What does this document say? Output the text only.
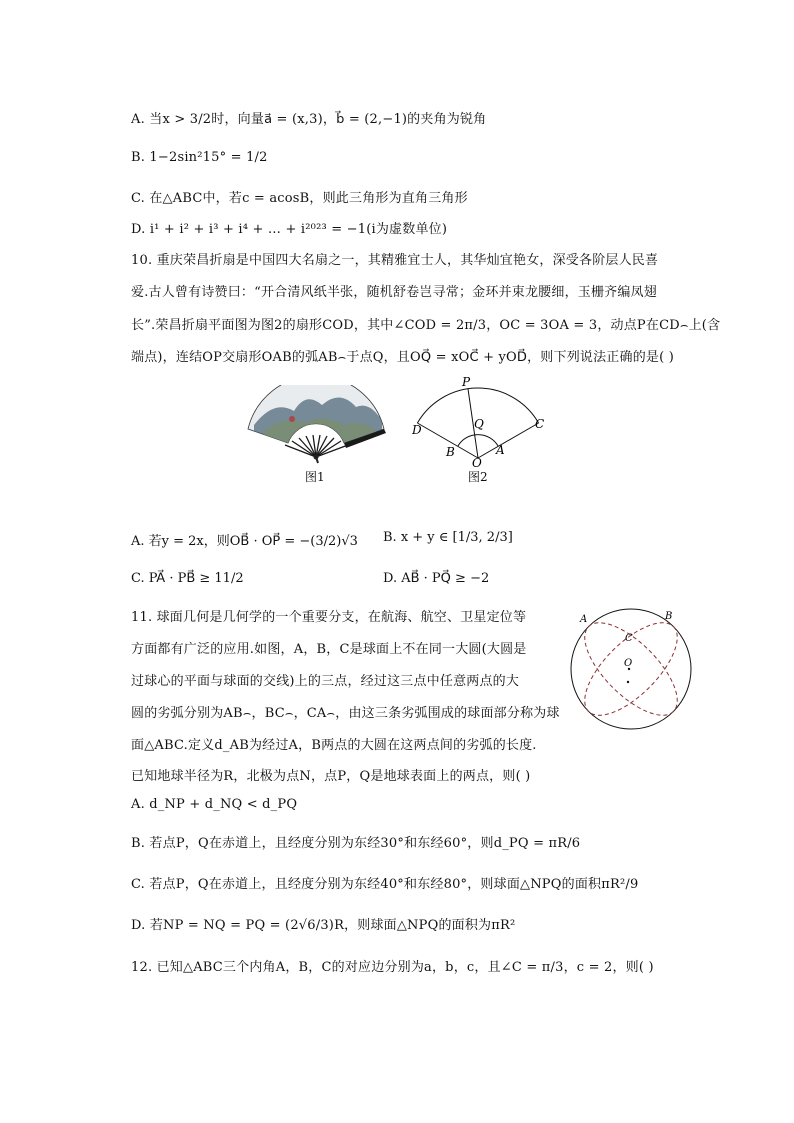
A. 当x > 3/2时，向量a⃗ = (x,3)，b⃗ = (2,−1)的夹角为锐角
B. 1−2sin²15° = 1/2
C. 在△ABC中，若c = acosB，则此三角形为直角三角形
D. i¹ + i² + i³ + i⁴ + … + i²⁰²³ = −1(i为虚数单位)
10. 重庆荣昌折扇是中国四大名扇之一，其精雅宜士人，其华灿宜艳女，深受各阶层人民喜
爱.古人曾有诗赞曰：“开合清风纸半张，随机舒卷岂寻常；金环并束龙腰细，玉栅齐编凤翅
长”.荣昌折扇平面图为图2的扇形COD，其中∠COD = 2π/3，OC = 3OA = 3，动点P在CD⌢上(含
端点)，连结OP交扇形OAB的弧AB⌢于点Q，且OQ⃗ = xOC⃗ + yOD⃗，则下列说法正确的是( )
图1
P
Q	C
D
B	A
O
图2
A. 若y = 2x，则OB⃗ · OP⃗ = −(3/2)√3 B. x + y ∈ [1/3, 2/3]
C. PA⃗ · PB⃗ ≥ 11/2	D. AB⃗ · PQ⃗ ≥ −2
11. 球面几何是几何学的一个重要分支，在航海、航空、卫星定位等
方面都有广泛的应用.如图，A，B，C是球面上不在同一大圆(大圆是
过球心的平面与球面的交线)上的三点，经过这三点中任意两点的大
圆的劣弧分别为AB⌢，BC⌢，CA⌢，由这三条劣弧围成的球面部分称为球
面△ABC.定义d_AB为经过A，B两点的大圆在这两点间的劣弧的长度.
已知地球半径为R，北极为点N，点P，Q是地球表面上的两点，则( )
A	B
C
O
A. d_NP + d_NQ < d_PQ
B. 若点P，Q在赤道上，且经度分别为东经30°和东经60°，则d_PQ = πR/6
C. 若点P，Q在赤道上，且经度分别为东经40°和东经80°，则球面△NPQ的面积πR²/9
D. 若NP = NQ = PQ = (2√6/3)R，则球面△NPQ的面积为πR²
12. 已知△ABC三个内角A，B，C的对应边分别为a，b，c，且∠C = π/3，c = 2，则( )
